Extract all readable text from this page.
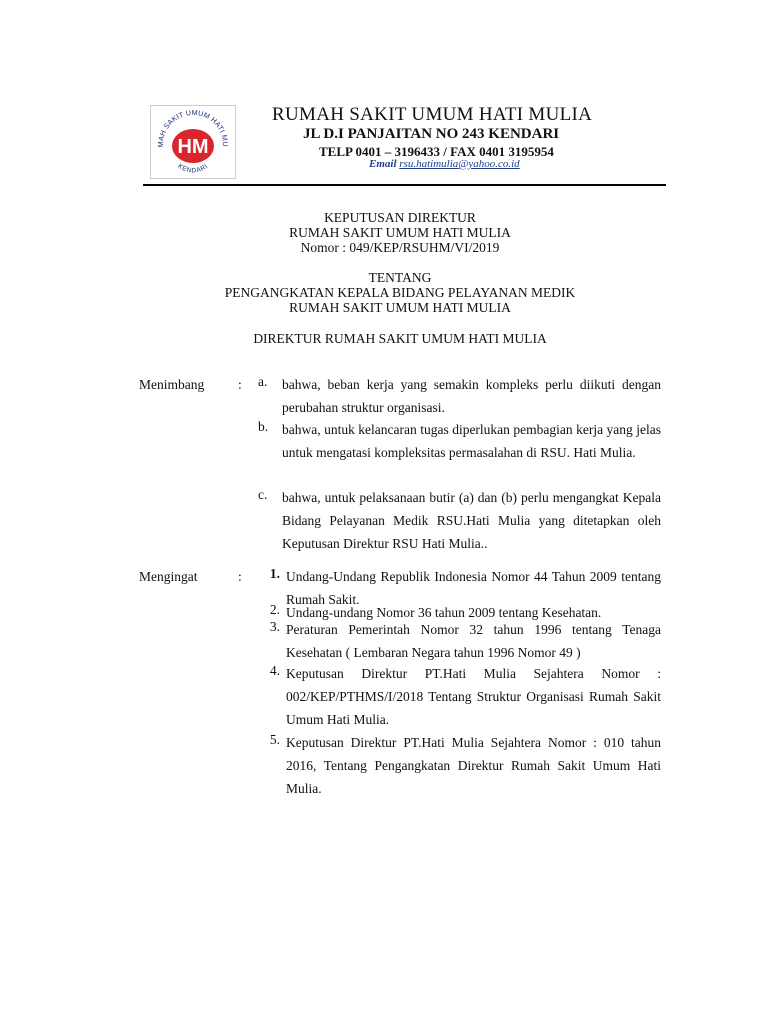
MAH SAKIT UMUM HATI MU
HM
KENDARI
RUMAH SAKIT UMUM HATI MULIA
JL D.I PANJAITAN NO 243 KENDARI
TELP 0401 – 3196433 / FAX 0401 3195954
Email rsu.hatimulia@yahoo.co.id
KEPUTUSAN DIREKTUR
RUMAH SAKIT UMUM HATI MULIA
Nomor : 049/KEP/RSUHM/VI/2019
TENTANG
PENGANGKATAN KEPALA BIDANG PELAYANAN MEDIK
RUMAH SAKIT UMUM HATI MULIA
DIREKTUR RUMAH SAKIT UMUM HATI MULIA
Menimbang	: a.	bahwa, beban kerja yang semakin kompleks perlu diikuti dengan perubahan struktur organisasi.
b.	bahwa, untuk kelancaran tugas diperlukan pembagian kerja yang jelas untuk mengatasi kompleksitas permasalahan di RSU. Hati Mulia.
c.	bahwa, untuk pelaksanaan butir (a) dan (b) perlu mengangkat Kepala Bidang Pelayanan Medik RSU.Hati Mulia yang ditetapkan oleh Keputusan Direktur RSU Hati Mulia..
Mengingat	:	1. Undang-Undang Republik Indonesia Nomor 44 Tahun 2009 tentang Rumah Sakit.
2. Undang-undang Nomor 36 tahun 2009 tentang Kesehatan.
3. Peraturan Pemerintah Nomor 32 tahun 1996 tentang Tenaga Kesehatan ( Lembaran Negara tahun 1996 Nomor 49 )
4. Keputusan Direktur PT.Hati Mulia Sejahtera Nomor : 002/KEP/PTHMS/I/2018 Tentang Struktur Organisasi Rumah Sakit Umum Hati Mulia.
5. Keputusan Direktur PT.Hati Mulia Sejahtera Nomor : 010 tahun 2016, Tentang Pengangkatan Direktur Rumah Sakit Umum Hati Mulia.
